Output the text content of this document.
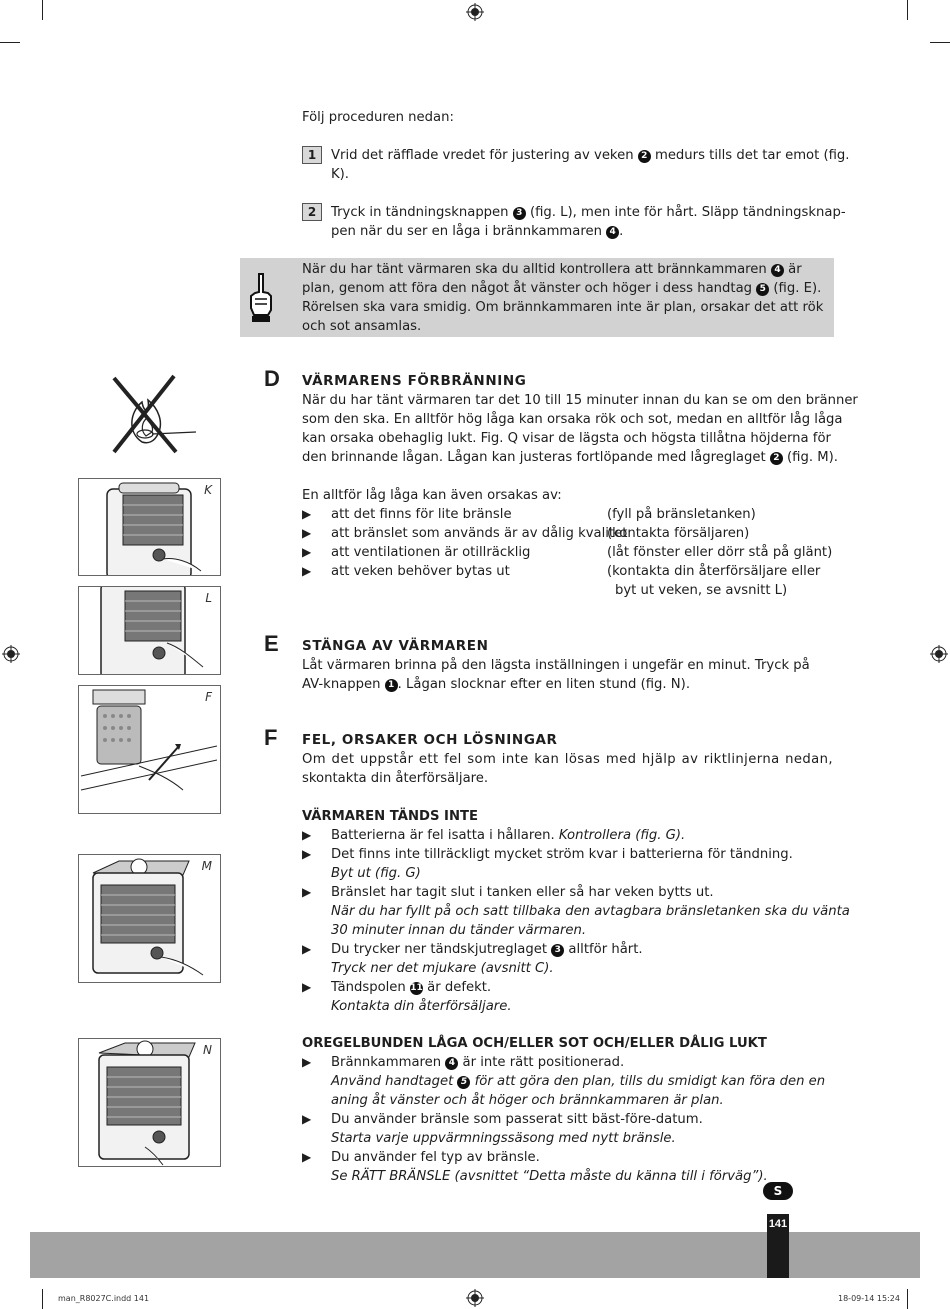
Följ proceduren nedan:
1	Vrid det räfflade vredet för justering av veken 2 medurs tills det tar emot (fig.
K).
2	Tryck in tändningsknappen 3 (fig. L), men inte för hårt. Släpp tändningsknap-
pen när du ser en låga i brännkammaren 4 .
När du har tänt värmaren ska du alltid kontrollera att brännkammaren 4 är
plan, genom att föra den något åt vänster och höger i dess handtag 5 (fig. E).
Rörelsen ska vara smidig. Om brännkammaren inte är plan, orsakar det att rök
och sot ansamlas.
D VÄRMARENS FÖRBRÄNNING
När du har tänt värmaren tar det 10 till 15 minuter innan du kan se om den bränner
som den ska. En alltför hög låga kan orsaka rök och sot, medan en alltför låg låga
kan orsaka obehaglig lukt. Fig. Q visar de lägsta och högsta tillåtna höjderna för
den brinnande lågan. Lågan kan justeras fortlöpande med lågreglaget 2 (fig. M).
En alltför låg låga kan även orsakas av:
▶ att det finns för lite bränsle	(fyll på bränsletanken)
▶ att bränslet som används är av dålig kvalitet
(kontakta försäljaren)
▶ att ventilationen är otillräcklig	(låt fönster eller dörr stå på glänt)
▶ att veken behöver bytas ut	(kontakta din återförsäljare eller
byt ut veken, se avsnitt L)

E STÄNGA AV VÄRMAREN
Låt värmaren brinna på den lägsta inställningen i ungefär en minut. Tryck på
AV-knappen 1 . Lågan slocknar efter en liten stund (fig. N).
F FEL, ORSAKER OCH LÖSNINGAR
Om det uppstår ett fel som inte kan lösas med hjälp av riktlinjerna nedan,
skontakta din återförsäljare.
VÄRMAREN TÄNDS INTE
▶ Batterierna är fel isatta i hållaren. Kontrollera (fig. G).
▶ Det finns inte tillräckligt mycket ström kvar i batterierna för tändning.
Byt ut (fig. G)

▶ Bränslet har tagit slut i tanken eller så har veken bytts ut.
När du har fyllt på och satt tillbaka den avtagbara bränsletanken ska du vänta

30 minuter innan du tänder värmaren.

▶ Du trycker ner tändskjutreglaget 3 alltför hårt.
Tryck ner det mjukare (avsnitt C).

▶ Tändspolen 11 är defekt.
Kontakta din återförsäljare.

OREGELBUNDEN LÅGA OCH/ELLER SOT OCH/ELLER DÅLIG LUKT
▶ Brännkammaren 4 är inte rätt positionerad.
Använd handtaget 5 för att göra den plan, tills du smidigt kan föra den en

aning åt vänster och åt höger och brännkammaren är plan.

▶ Du använder bränsle som passerat sitt bäst-före-datum.
Starta varje uppvärmningssäsong med nytt bränsle.

▶ Du använder fel typ av bränsle.
Se RÄTT BRÄNSLE (avsnittet “Detta måste du känna till i förväg”).

K
L
F
M
N
S
141
man_R8027C.indd 141	18-09-14 15:24
